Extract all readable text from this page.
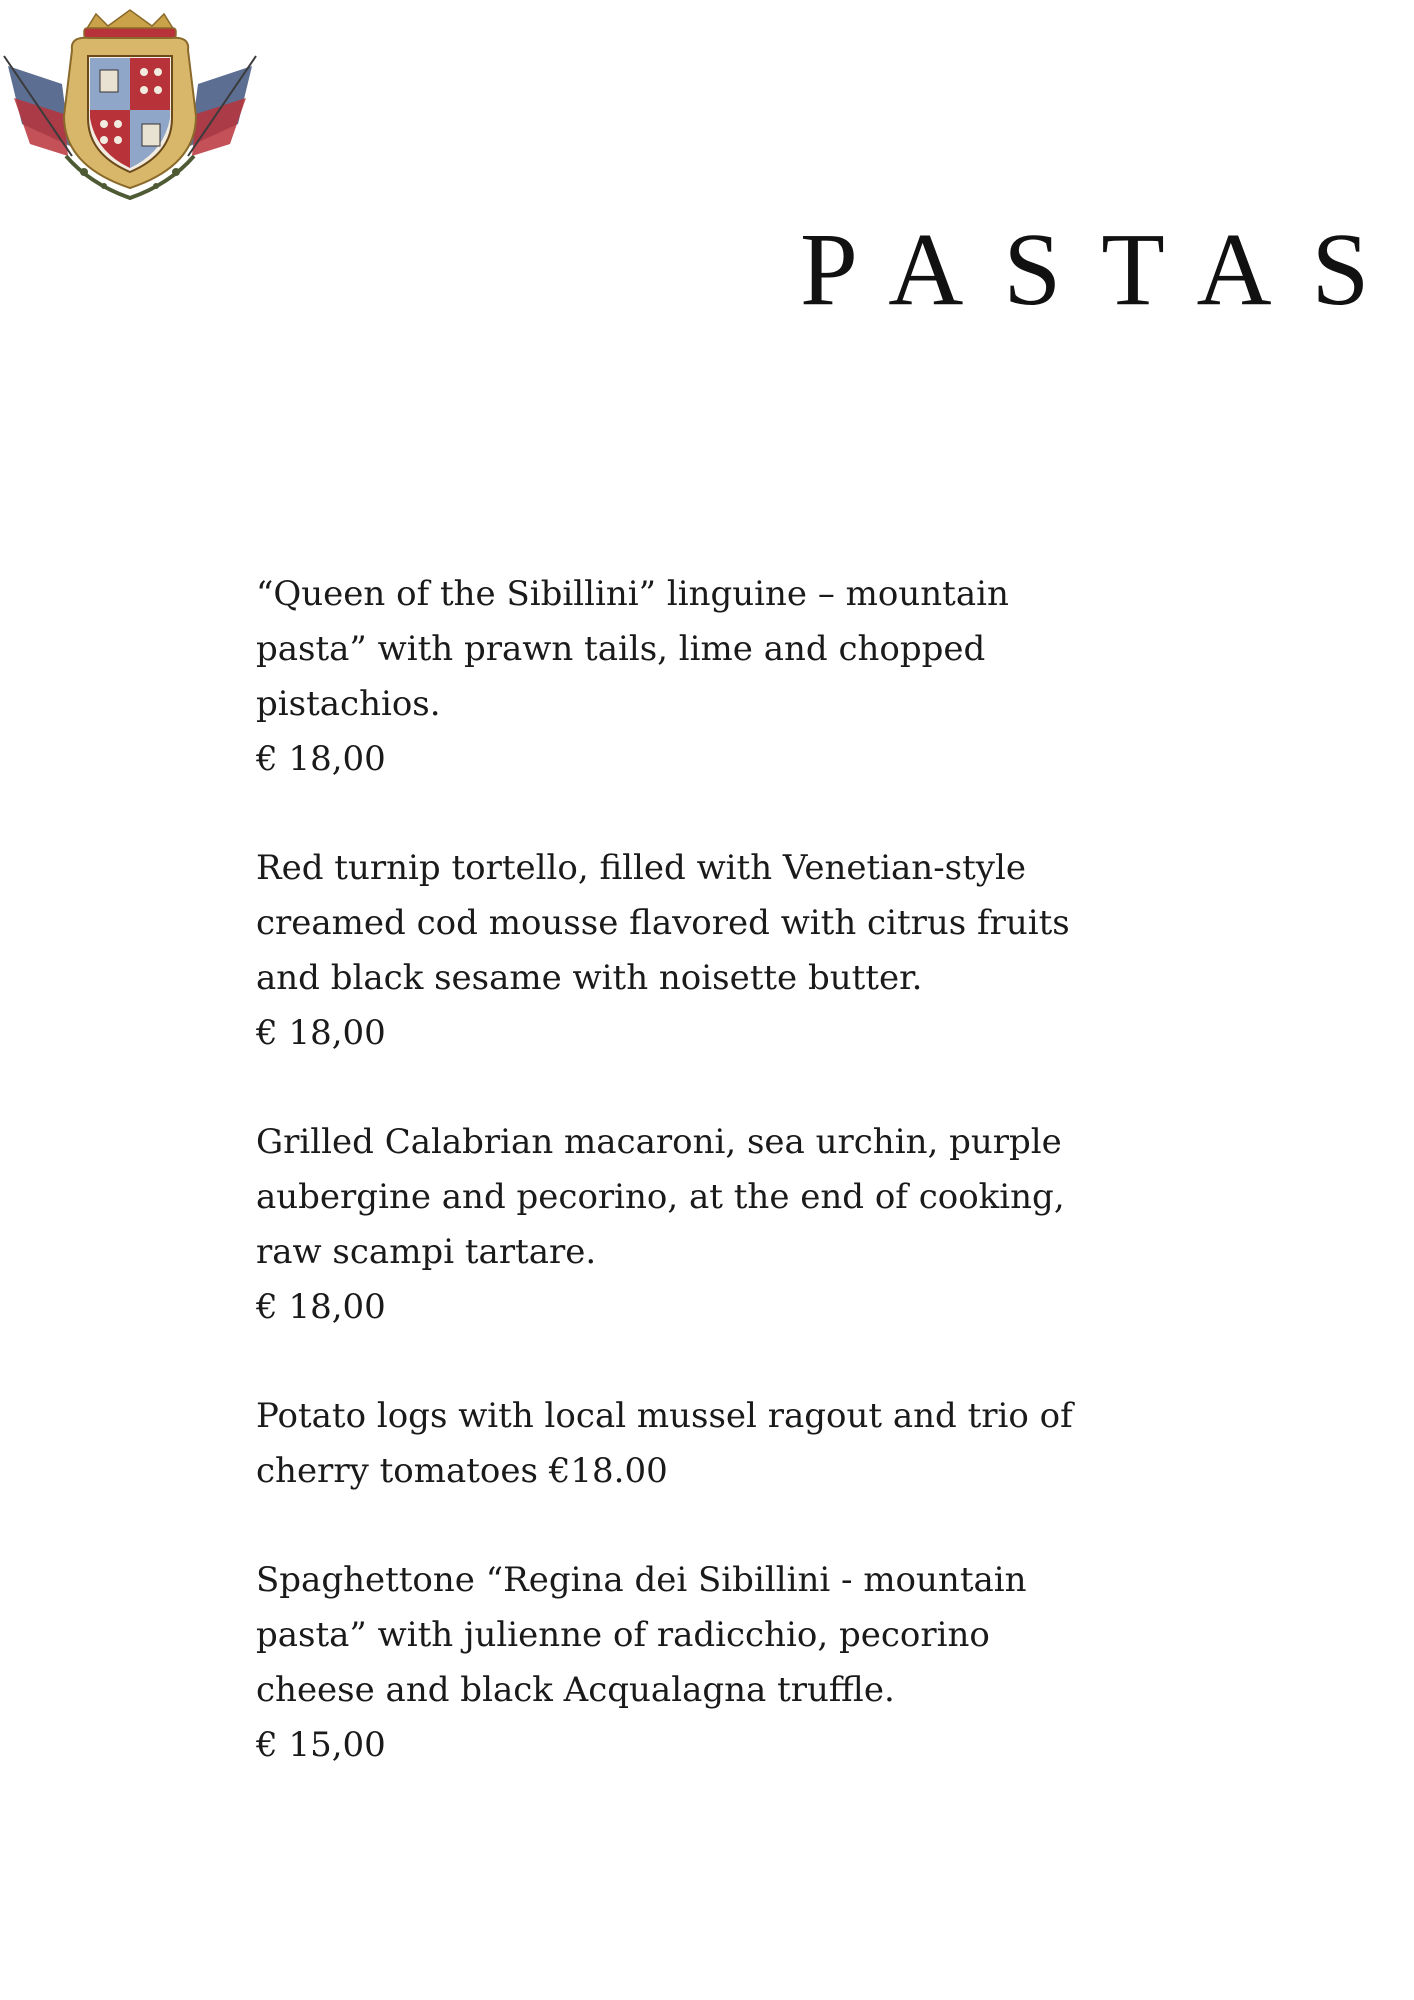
PASTAS

“Queen of the Sibillini” linguine – mountain

pasta” with prawn tails, lime and chopped

pistachios.

€ 18,00

Red turnip tortello, filled with Venetian-style

creamed cod mousse flavored with citrus fruits

and black sesame with noisette butter.

€ 18,00

Grilled Calabrian macaroni, sea urchin, purple

aubergine and pecorino, at the end of cooking,

raw scampi tartare.

€ 18,00

Potato logs with local mussel ragout and trio of

cherry tomatoes €18.00

Spaghettone “Regina dei Sibillini - mountain

pasta” with julienne of radicchio, pecorino

cheese and black Acqualagna truffle.

€ 15,00
